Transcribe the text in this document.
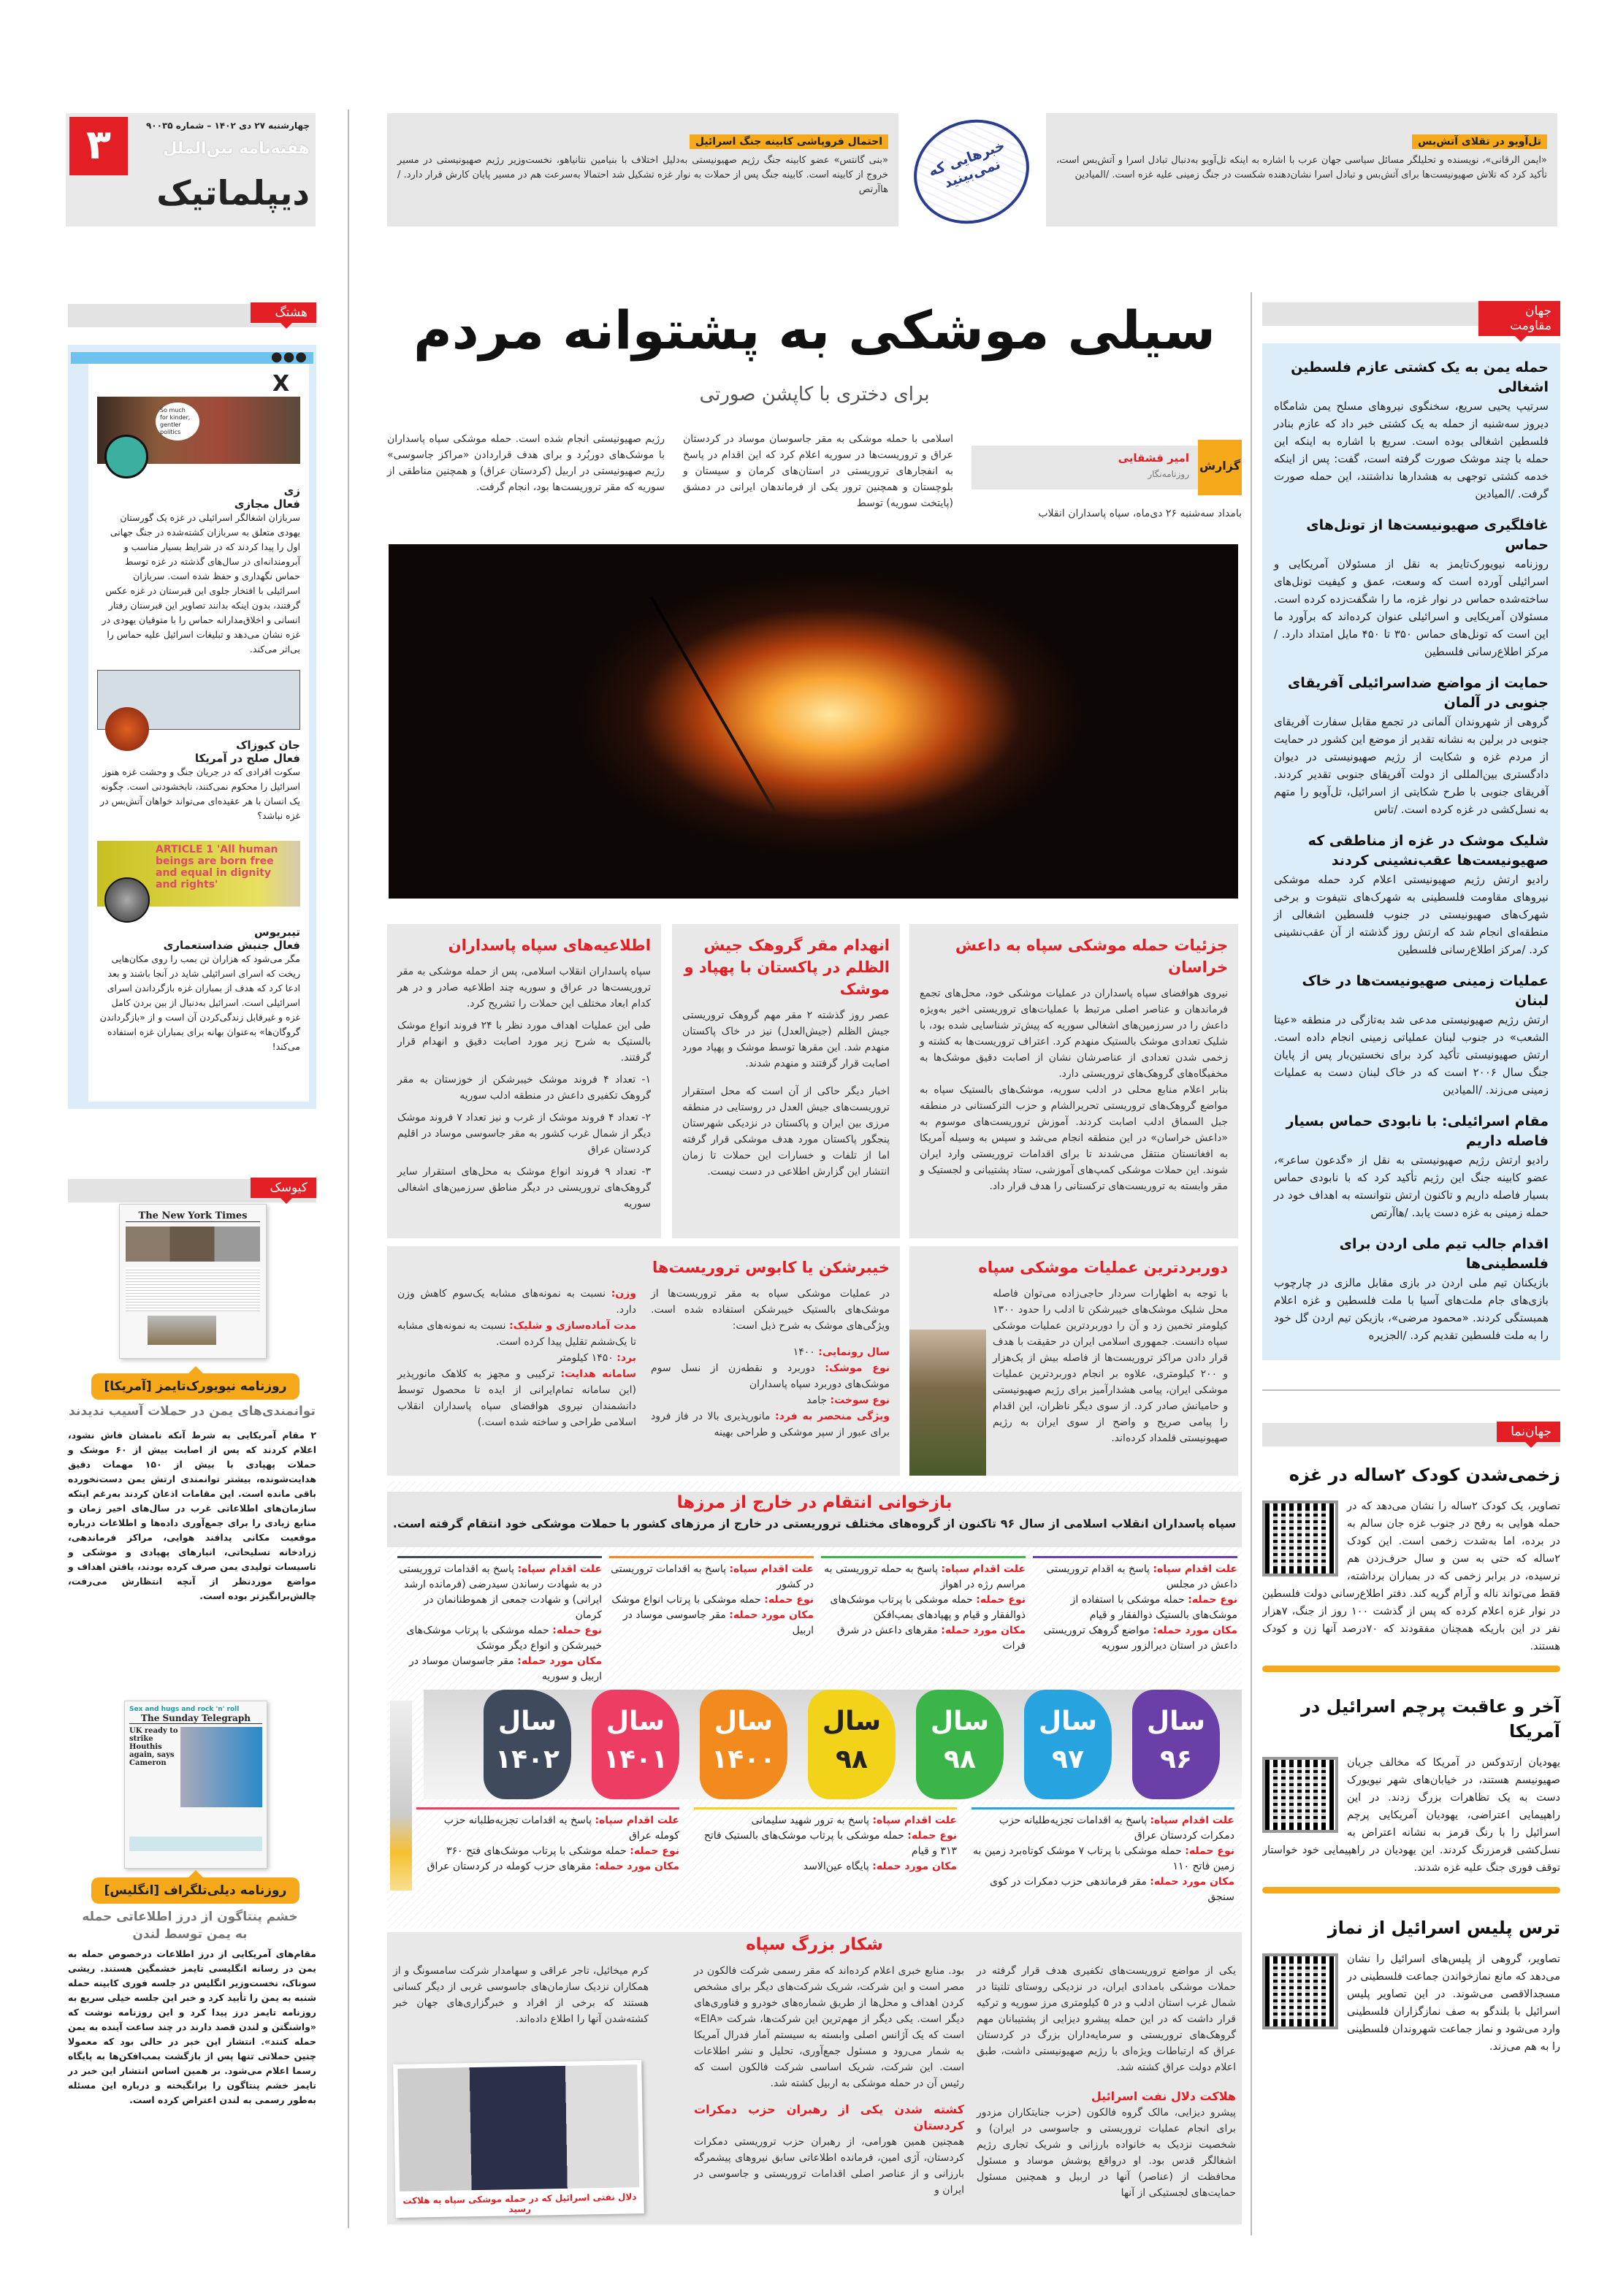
۳	چهارشنبه ۲۷ دی ۱۴۰۲ – شماره ۹۰۰۳۵
هفته‌نامه بین‌الملل
دیپلماتیک
تل‌آویو در تقلای آتش‌بس
«ایمن الرقانی»، نویسنده و تحلیلگر مسائل سیاسی جهان عرب با اشاره به اینکه تل‌آویو به‌دنبال تبادل اسرا و آتش‌بس است، تأکید کرد که تلاش صهیونیست‌ها برای آتش‌بس و تبادل اسرا نشان‌دهنده شکست در جنگ زمینی علیه غزه است. /المیادین
خبرهایی که نمی‌بینید
احتمال فروپاشی کابینه جنگ اسرائیل
«بنی گانتس» عضو کابینه جنگ رژیم صهیونیستی به‌دلیل اختلاف با بنیامین نتانیاهو، نخست‌وزیر رژیم صهیونیستی در مسیر خروج از کابینه است. کابینه جنگ پس از حملات به نوار غزه تشکیل شد احتمالا به‌سرعت هم در مسیر پایان کارش قرار دارد. /هاآرتص
سیلی موشکی به پشتوانه مردم
برای دختری با کاپشن صورتی
گزارش
امیر قشقایی
روزنامه‌نگار
بامداد سه‌شنبه ۲۶ دی‌ماه، سپاه پاسداران انقلاب
اسلامی با حمله موشکی به مقر جاسوسان موساد در کردستان عراق و تروریست‌ها در سوریه اعلام کرد که این اقدام در پاسخ به انفجارهای تروریستی در استان‌های کرمان و سیستان و بلوچستان و همچنین ترور یکی از فرماندهان ایرانی در دمشق (پایتخت سوریه) توسط
رژیم صهیونیستی انجام شده است. حمله موشکی سپاه پاسداران با موشک‌های دوربُرد و برای هدف قراردادن «مراکز جاسوسی» رژیم صهیونیستی در اربیل (کردستان عراق) و همچنین مناطقی از سوریه که مقر تروریست‌ها بود، انجام گرفت.
جزئیات حمله موشکی سپاه به داعش خراسان

نیروی هوافضای سپاه پاسداران در عملیات موشکی خود، محل‌های تجمع فرماندهان و عناصر اصلی مرتبط با عملیات‌های تروریستی اخیر به‌ویژه داعش را در سرزمین‌های اشغالی سوریه که پیش‌تر شناسایی شده بود، با شلیک تعدادی موشک بالستیک منهدم کرد. اعتراف تروریست‌ها به کشته و زخمی شدن تعدادی از عناصرشان نشان از اصابت دقیق موشک‌ها به مخفیگاه‌های گروهک‌های تروریستی دارد.

بنابر اعلام منابع محلی در ادلب سوریه، موشک‌های بالستیک سپاه به مواضع گروهک‌های تروریستی تحریرالشام و حزب الترکستانی در منطقه جبل السماق ادلب اصابت کردند. آموزش تروریست‌های موسوم به «داعش خراسان» در این منطقه انجام می‌شد و سپس به وسیله آمریکا به افغانستان منتقل می‌شدند تا برای اقدامات تروریستی وارد ایران شوند. این حملات موشکی کمپ‌های آموزشی، ستاد پشتیبانی و لجستیک و مقر وابسته به تروریست‌های ترکستانی را هدف قرار داد.

انهدام مقر گروهک جیش الظلم در پاکستان با پهپاد و موشک

عصر روز گذشته ۲ مقر مهم گروهک تروریستی جیش الظلم (جیش‌العدل) نیز در خاک پاکستان منهدم شد. این مقرها توسط موشک و پهپاد مورد اصابت قرار گرفتند و منهدم شدند.

اخبار دیگر حاکی از آن است که محل استقرار تروریست‌های جیش العدل در روستایی در منطقه مرزی بین ایران و پاکستان در نزدیکی شهرستان پنجگور پاکستان مورد هدف موشکی قرار گرفته اما از تلفات و خسارات این حملات تا زمان انتشار این گزارش اطلاعی در دست نیست.

اطلاعیه‌های سپاه پاسداران

سپاه پاسداران انقلاب اسلامی، پس از حمله موشکی به مقر تروریست‌ها در عراق و سوریه چند اطلاعیه صادر و در هر کدام ابعاد مختلف این حملات را تشریح کرد.

طی این عملیات اهداف مورد نظر با ۲۴ فروند انواع موشک بالستیک به شرح زیر مورد اصابت دقیق و انهدام قرار گرفتند.

۱- تعداد ۴ فروند موشک خیبرشکن از خوزستان به مقر گروهک تکفیری داعش در منطقه ادلب سوریه

۲- تعداد ۴ فروند موشک از غرب و نیز تعداد ۷ فروند موشک دیگر از شمال غرب کشور به مقر جاسوسی موساد در اقلیم کردستان عراق

۳- تعداد ۹ فروند انواع موشک به محل‌های استقرار سایر گروهک‌های تروریستی در دیگر مناطق سرزمین‌های اشغالی سوریه

دوربردترین عملیات موشکی سپاه

با توجه به اظهارات سردار حاجی‌زاده می‌توان فاصله محل شلیک موشک‌های خیبرشکن تا ادلب را حدود ۱۳۰۰ کیلومتر تخمین زد و آن را دوربردترین عملیات موشکی سپاه دانست. جمهوری اسلامی ایران در حقیقت با هدف قرار دادن مراکز تروریست‌ها از فاصله بیش از یک‌هزار و ۲۰۰ کیلومتری، علاوه بر انجام دوربردترین عملیات موشکی ایران، پیامی هشدارآمیز برای رژیم صهیونیستی و حامیانش صادر کرد. از سوی دیگر ناظران، این اقدام را پیامی صریح و واضح از سوی ایران به رژیم صهیونیستی قلمداد کرده‌اند.

خیبرشکن یا کابوس تروریست‌ها

در عملیات موشکی سپاه به مقر تروریست‌ها از موشک‌های بالستیک خیبرشکن استفاده شده است. ویژگی‌های موشک به شرح ذیل است:

سال رونمایی: ۱۴۰۰

نوع موشک: دوربرد و نقطه‌زن از نسل سوم موشک‌های دوربرد سپاه پاسداران

نوع سوخت: جامد

ویژگی منحصر به فرد: مانورپذیری بالا در فاز فرود برای عبور از سپر موشکی و طراحی بهینه

وزن: نسبت به نمونه‌های مشابه یک‌سوم کاهش وزن دارد.

مدت آماده‌سازی و شلیک: نسبت به نمونه‌های مشابه تا یک‌ششم تقلیل پیدا کرده است.

برد: ۱۴۵۰ کیلومتر

سامانه هدایت: ترکیبی و مجهز به کلاهک مانورپذیر (این سامانه تمام‌ایرانی از ایده تا محصول توسط دانشمندان نیروی هوافضای سپاه پاسداران انقلاب اسلامی طراحی و ساخته شده است.)

بازخوانی انتقام در خارج از مرزها
سپاه پاسداران انقلاب اسلامی از سال ۹۶ تاکنون از گروه‌های مختلف تروریستی در خارج از مرزهای کشور با حملات موشکی خود انتقام گرفته است.
سال
۹۶
سال
۹۷
سال
۹۸
سال
۹۸
سال
۱۴۰۰
سال
۱۴۰۱
سال
۱۴۰۲
علت اقدام سپاه: پاسخ به اقدام تروریستی داعش در مجلس
نوع حمله: حمله موشکی با استفاده از موشک‌های بالستیک ذوالفقار و قیام
مکان مورد حمله: مواضع گروهک تروریستی داعش در استان دیرالزور سوریه
علت اقدام سپاه: پاسخ به اقدامات تجزیه‌طلبانه حزب دمکرات کردستان عراق
نوع حمله: حمله موشکی با پرتاب ۷ موشک کوتاه‌برد زمین به زمین فاتح ۱۱۰
مکان مورد حمله: مقر فرماندهی حزب دمکرات در کوی سنجق
علت اقدام سپاه: پاسخ به حمله تروریستی به مراسم رژه در اهواز
نوع حمله: حمله موشکی با پرتاب موشک‌های ذوالفقار و قیام و پهپادهای بمب‌افکن
مکان مورد حمله: مقرهای داعش در شرق فرات
علت اقدام سپاه: پاسخ به ترور شهید سلیمانی
نوع حمله: حمله موشکی با پرتاب موشک‌های بالستیک فاتح ۳۱۳ و قیام
مکان مورد حمله: پایگاه عین‌الاسد
علت اقدام سپاه: پاسخ به اقدامات تروریستی در کشور
نوع حمله: حمله موشکی با پرتاب انواع موشک
مکان مورد حمله: مقر جاسوسی موساد در اربیل
علت اقدام سپاه: پاسخ به اقدامات تجزیه‌طلبانه حزب کومله عراق
نوع حمله: حمله موشکی با پرتاب موشک‌های فتح ۳۶۰
مکان مورد حمله: مقرهای حزب کومله در کردستان عراق
علت اقدام سپاه: پاسخ به اقدامات تروریستی در به شهادت رساندن سیدرضی (فرمانده ارشد ایرانی) و شهادت جمعی از هموطنانمان در کرمان
نوع حمله: حمله موشکی با پرتاب موشک‌های خیبرشکن و انواع دیگر موشک
مکان مورد حمله: مقر جاسوسان موساد در اربیل و سوریه
شکار بزرگ سپاه

یکی از مواضع تروریست‌های تکفیری هدف قرار گرفته در حملات موشکی بامدادی ایران، در نزدیکی روستای تلتیتا در شمال غرب استان ادلب و در ۵ کیلومتری مرز سوریه و ترکیه قرار داشت که در این حمله پیشرو دیزایی از پشتیبانان مهم گروهک‌های تروریستی و سرمایه‌داران بزرگ در کردستان عراق که ارتباطات ویژه‌ای با رژیم صهیونیستی داشت، طبق اعلام دولت عراق کشته شد.

هلاکت دلال نفت اسرائیل

پیشرو دیزایی، مالک گروه فالکون (حزب جنایتکاران مزدور برای انجام عملیات تروریستی و جاسوسی در ایران) و شخصیت نزدیک به خانواده بارزانی و شریک تجاری رژیم اشغالگر قدس بود. او درواقع پوشش موساد و مسئول محافظت از (عناصر) آنها در اربیل و همچنین مسئول حمایت‌های لجستیکی از آنها

بود. منابع خبری اعلام کرده‌اند که مقر رسمی شرکت فالکون در مصر است و این شرکت، شریک شرکت‌های دیگر برای مشخص کردن اهداف و محل‌ها از طریق شماره‌های خودرو و فناوری‌های دیگر است. یکی دیگر از مهم‌ترین این شرکت‌ها، شرکت «EIA» است که یک آژانس اصلی وابسته به سیستم آمار فدرال آمریکا به شمار می‌رود و مسئول جمع‌آوری، تحلیل و نشر اطلاعات است. این شرکت، شریک اساسی شرکت فالکون است که رئیس آن در حمله موشکی به اربیل کشته شد.

کشته شدن یکی از رهبران حزب دمکرات کردستان

همچنین همین هورامی، از رهبران حزب تروریستی دمکرات کردستان، آژی امین، فرمانده اطلاعاتی سابق نیروهای پیشمرگه بارزانی و از عناصر اصلی اقدامات تروریستی و جاسوسی در ایران و

کرم میخائیل، تاجر عراقی و سهامدار شرکت سامسونگ و از همکاران نزدیک سازمان‌های جاسوسی غربی از دیگر کسانی هستند که برخی از افراد و خبرگزاری‌های جهان خبر کشته‌شدن آنها را اطلاع داده‌اند.
دلال نفتی اسرائیل که در حمله موشکی سپاه به هلاکت رسید
هشتگ
●●●
X
So much for kinder, gentler politics
زی
فعال مجازی
سربازان اشغالگر اسرائیلی در غزه یک گورستان یهودی متعلق به سربازان کشته‌شده در جنگ جهانی اول را پیدا کردند که در شرایط بسیار مناسب و آبرومندانه‌ای در سال‌های گذشته در غزه توسط حماس نگهداری و حفظ شده است. سربازان اسرائیلی با افتخار جلوی این قبرستان در غزه عکس گرفتند، بدون اینکه بدانند تصاویر این قبرستان رفتار انسانی و اخلاق‌مدارانه حماس را با متوفیان یهودی در غزه نشان می‌دهد و تبلیغات اسرائیل علیه حماس را بی‌اثر می‌کند.
جان کیوزاک
فعال صلح در آمریکا
سکوت افرادی که در جریان جنگ و وحشت غزه هنوز اسرائیل را محکوم نمی‌کنند، نابخشودنی است. چگونه یک انسان با هر عقیده‌ای می‌تواند خواهان آتش‌بس در غزه نباشد؟
ARTICLE 1 'All human beings are born free and equal in dignity and rights'
تیبریوس
فعال جنبش ضداستعماری
مگر می‌شود که هزاران تن بمب را روی مکان‌هایی ریخت که اسرای اسرائیلی شاید در آنجا باشند و بعد ادعا کرد که هدف از بمباران غزه بازگرداندن اسرای اسرائیلی است. اسرائیل به‌دنبال از بین بردن کامل غزه و غیرقابل زندگی‌کردن آن است و از «بازگرداندن گروگان‌ها» به‌عنوان بهانه برای بمباران غزه استفاده می‌کند!
کیوسک
The New York Times
روزنامه نیویورک‌تایمز [آمریکا]
توانمندی‌های یمن در حملات آسیب ندیدند
۲ مقام آمریکایی به شرط آنکه نامشان فاش نشود، اعلام کردند که پس از اصابت بیش از ۶۰ موشک و حملات پهپادی با بیش از ۱۵۰ مهمات دقیق هدایت‌شونده، بیشتر توانمندی ارتش یمن دست‌نخورده باقی مانده است. این مقامات اذعان کردند به‌رغم اینکه سازمان‌های اطلاعاتی غرب در سال‌های اخیر زمان و منابع زیادی را برای جمع‌آوری داده‌ها و اطلاعات درباره موقعیت مکانی پدافند هوایی، مراکز فرماندهی، زرادخانه تسلیحاتی، انبارهای پهپادی و موشکی و تاسیسات تولیدی یمن صرف کرده بودند، یافتن اهداف و مواضع موردنظر از آنچه انتظارش می‌رفت، چالش‌برانگیزتر بوده است.
Sex and hugs and rock 'n' roll
The Sunday Telegraph
UK ready to strike Houthis again, says Cameron
روزنامه دیلی‌تلگراف [انگلیس]
خشم پنتاگون از درز اطلاعاتی حمله به یمن توسط لندن
مقام‌های آمریکایی از درز اطلاعات درخصوص حمله به یمن در رسانه انگلیسی تایمز خشمگین هستند. ریشی سوناک، نخست‌وزیر انگلیس در جلسه فوری کابینه حمله شنبه به یمن را تأیید کرد و خبر این جلسه خیلی سریع به روزنامه تایمز درز پیدا کرد و این روزنامه نوشت که «واشنگتن و لندن قصد دارند در چند ساعت آینده به یمن حمله کنند». انتشار این خبر در حالی بود که معمولا چنین حملاتی تنها پس از بازگشت بمب‌افکن‌ها به پایگاه رسما اعلام می‌شود. بر همین اساس انتشار این خبر در تایمز خشم پنتاگون را برانگیخته و درباره این مسئله به‌طور رسمی به لندن اعتراض کرده است.
جهان مقاومت
حمله یمن به یک کشتی عازم فلسطین اشغالی
سرتیپ یحیی سریع، سخنگوی نیروهای مسلح یمن شامگاه دیروز سه‌شنبه از حمله به یک کشتی خبر داد که عازم بنادر فلسطین اشغالی بوده است. سریع با اشاره به اینکه این حمله با چند موشک صورت گرفته است، گفت: پس از اینکه خدمه کشتی توجهی به هشدارها نداشتند، این حمله صورت گرفت. /المیادین
غافلگیری صهیونیست‌ها از تونل‌های حماس
روزنامه نیویورک‌تایمز به نقل از مسئولان آمریکایی و اسرائیلی آورده است که وسعت، عمق و کیفیت تونل‌های ساخته‌شده حماس در نوار غزه، ما را شگفت‌زده کرده است. مسئولان آمریکایی و اسرائیلی عنوان کرده‌اند که برآورد ما این است که تونل‌های حماس ۳۵۰ تا ۴۵۰ مایل امتداد دارد. /مرکز اطلاع‌رسانی فلسطین
حمایت از مواضع ضداسرائیلی آفریقای جنوبی در آلمان
گروهی از شهروندان آلمانی در تجمع مقابل سفارت آفریقای جنوبی در برلین به نشانه تقدیر از موضع این کشور در حمایت از مردم غزه و شکایت از رژیم صهیونیستی در دیوان دادگستری بین‌المللی از دولت آفریقای جنوبی تقدیر کردند. آفریقای جنوبی با طرح شکایتی از اسرائیل، تل‌آویو را متهم به نسل‌کشی در غزه کرده است. /تاس
شلیک موشک در غزه از مناطقی که صهیونیست‌ها عقب‌نشینی کردند
رادیو ارتش رژیم صهیونیستی اعلام کرد حمله موشکی نیروهای مقاومت فلسطینی به شهرک‌های نتیفوت و برخی شهرک‌های صهیونیستی در جنوب فلسطین اشغالی از منطقه‌ای انجام شد که ارتش روز گذشته از آن عقب‌نشینی کرد. /مرکز اطلاع‌رسانی فلسطین
عملیات زمینی صهیونیست‌ها در خاک لبنان
ارتش رژیم صهیونیستی مدعی شد به‌تازگی در منطقه «عیتا الشعب» در جنوب لبنان عملیاتی زمینی انجام داده است. ارتش صهیونیستی تأکید کرد برای نخستین‌بار پس از پایان جنگ سال ۲۰۰۶ است که در خاک لبنان دست به عملیات زمینی می‌زند. /المیادین
مقام اسرائیلی: با نابودی حماس بسیار فاصله داریم
رادیو ارتش رژیم صهیونیستی به نقل از «گدعون ساعر»، عضو کابینه جنگ این رژیم تأکید کرد که با نابودی حماس بسیار فاصله داریم و تاکنون ارتش نتوانسته به اهداف خود در حمله زمینی به غزه دست یابد. /هاآرتص
اقدام جالب تیم ملی اردن برای فلسطینی‌ها
بازیکنان تیم ملی اردن در بازی مقابل مالزی در چارچوب بازی‌های جام ملت‌های آسیا با ملت فلسطین و غزه اعلام همبستگی کردند. «محمود مرضی»، بازیکن تیم اردن گل خود را به ملت فلسطین تقدیم کرد. /الجزیره
جهان‌نما
زخمی‌شدن کودک ۲ساله در غزه
تصاویر، یک کودک ۲ساله را نشان می‌دهد که در حمله هوایی به رفح در جنوب غزه جان سالم به در برده، اما به‌شدت زخمی است. این کودک ۲ساله که حتی به سن و سال حرف‌زدن هم نرسیده، در برابر زخمی که در بمباران برداشته، فقط می‌تواند ناله و آرام گریه کند. دفتر اطلاع‌رسانی دولت فلسطین در نوار غزه اعلام کرده که پس از گذشت ۱۰۰ روز از جنگ، ۷هزار نفر در این باریکه همچنان مفقودند که ۷۰درصد آنها زن و کودک هستند.
آخر و عاقبت پرچم اسرائیل در آمریکا
یهودیان ارتدوکس در آمریکا که مخالف جریان صهیونیسم هستند، در خیابان‌های شهر نیویورک دست به یک تظاهرات بزرگ زدند. در این راهپیمایی اعتراضی، یهودیان آمریکایی پرچم اسرائیل را با رنگ قرمز به نشانه اعتراض به نسل‌کشی قرمزرنگ کردند. این یهودیان در راهپیمایی خود خواستار توقف فوری جنگ علیه غزه شدند.
ترس پلیس اسرائیل از نماز
تصاویر، گروهی از پلیس‌های اسرائیل را نشان می‌دهد که مانع نمازخواندن جماعت فلسطینی در مسجدالاقصی می‌شوند. در این تصاویر پلیس اسرائیل با بلندگو به صف نمازگزاران فلسطینی وارد می‌شود و نماز جماعت شهروندان فلسطینی را به هم می‌زند.
